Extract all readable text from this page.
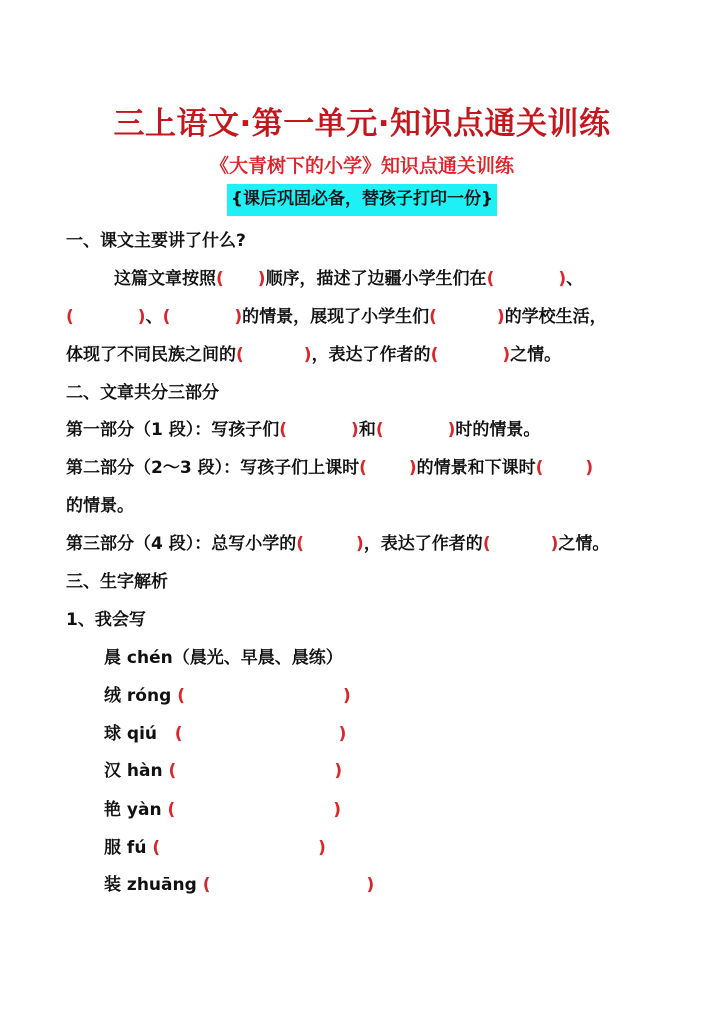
三上语文·第一单元·知识点通关训练
《大青树下的小学》知识点通关训练
{课后巩固必备，替孩子打印一份}
一、课文主要讲了什么?
这篇文章按照( )顺序，描述了边疆小学生们在(	)、
(	)、(	)的情景，展现了小学生们(	)的学校生活，
体现了不同民族之间的(	)，表达了作者的(	)之情。
二、文章共分三部分
第一部分（1 段）：写孩子们(	)和(	)时的情景。
第二部分（2～3 段）：写孩子们上课时( )的情景和下课时( )
的情景。
第三部分（4 段）：总写小学的(	)，表达了作者的(	)之情。
三、生字解析
1、我会写
晨 chén（晨光、早晨、晨练）
绒 róng (	)
球 qiú (	)
汉 hàn (	)
艳 yàn (	)
服 fú (	)
装 zhuāng (	)
